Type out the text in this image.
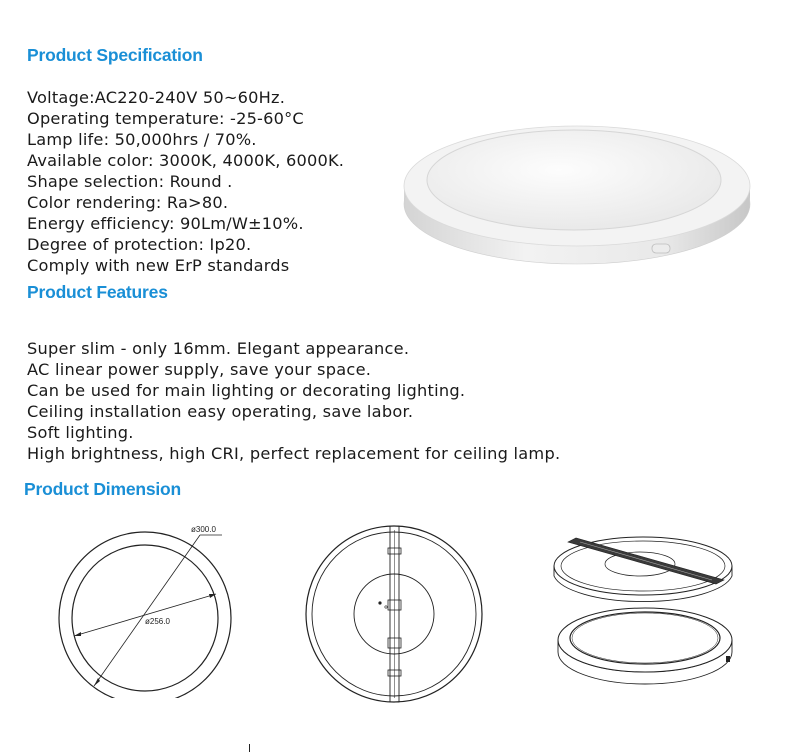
Product Specification
Voltage:AC220-240V 50~60Hz.
Operating temperature: -25-60°C
Lamp life: 50,000hrs / 70%.
Available color: 3000K, 4000K, 6000K.
Shape selection: Round .
Color rendering: Ra>80.
Energy efficiency: 90Lm/W±10%.
Degree of protection: Ip20.
Comply with new ErP standards
Product Features
Super slim - only 16mm. Elegant appearance.
AC linear power supply, save your space.
Can be used for main lighting or decorating lighting.
Ceiling installation easy operating, save labor.
Soft lighting.
High brightness, high CRI, perfect replacement for ceiling lamp.
Product Dimension
ø300.0
ø256.0
